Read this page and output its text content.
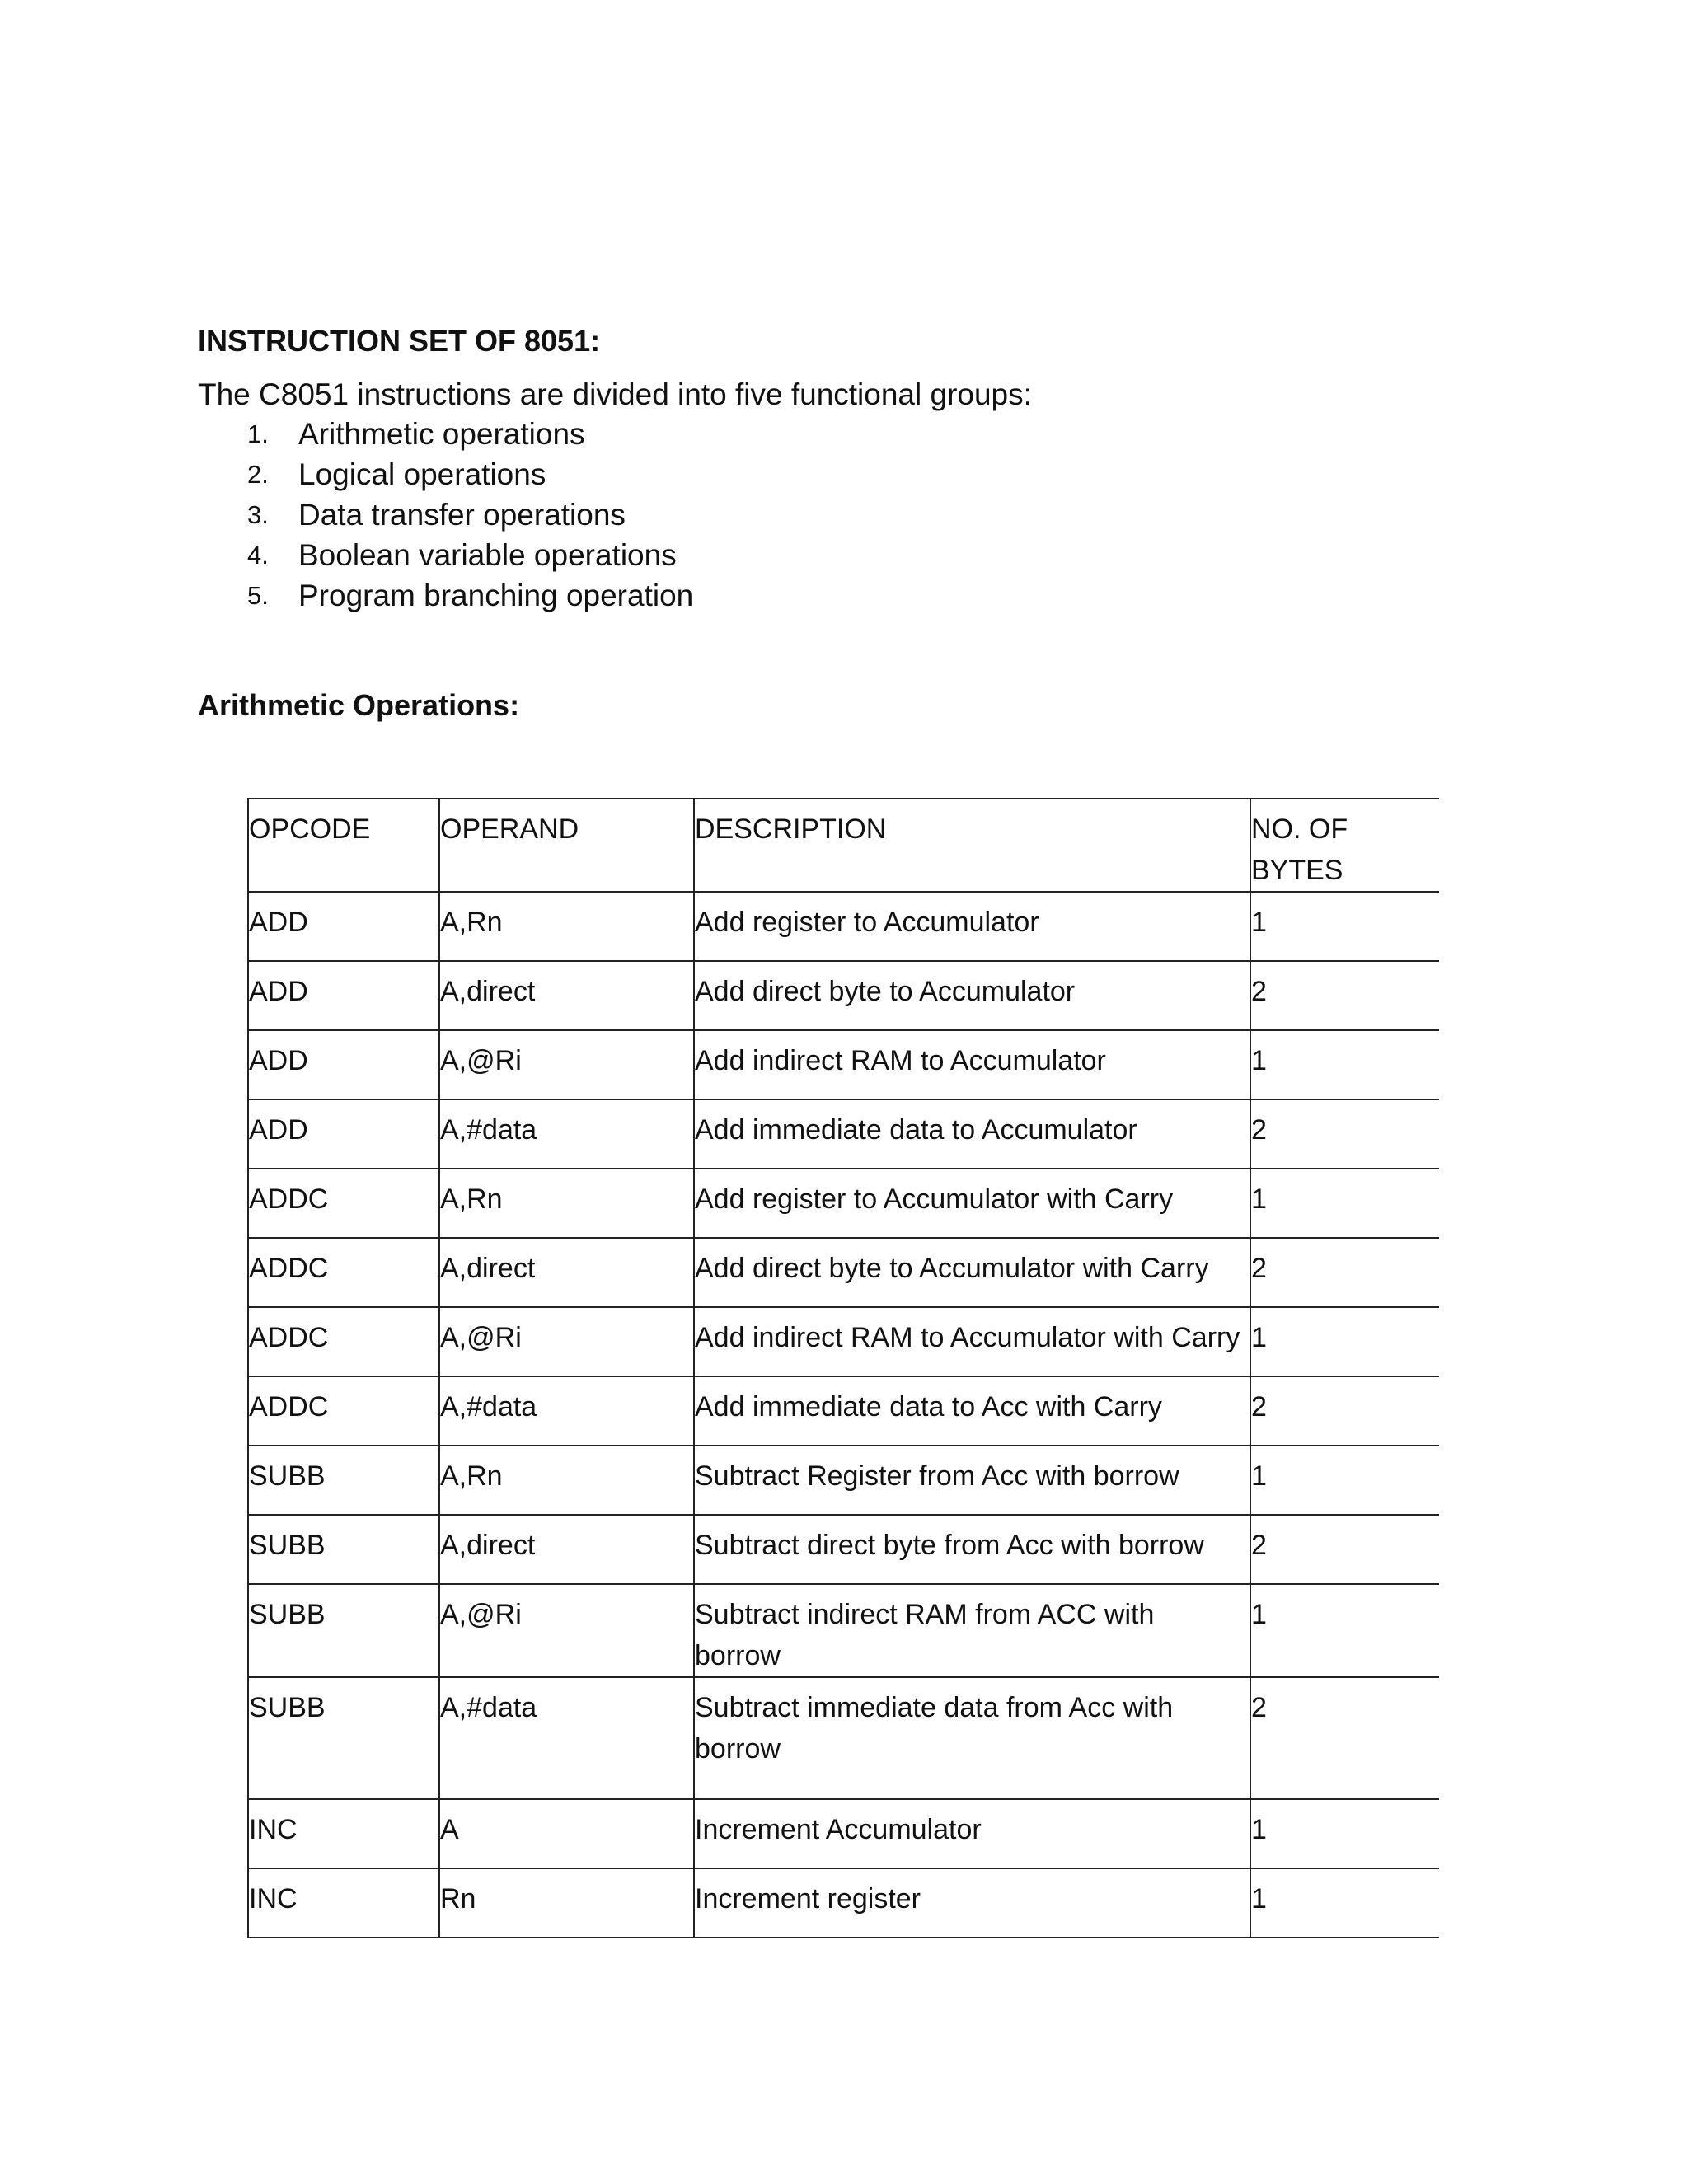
INSTRUCTION SET OF 8051:

The C8051 instructions are divided into five functional groups:

1. Arithmetic operations
2. Logical operations
3. Data transfer operations
4. Boolean variable operations
5. Program branching operation
Arithmetic Operations:
OPCODE	OPERAND	DESCRIPTION	NO. OF BYTES
ADD	A,Rn	Add register to Accumulator	1
ADD	A,direct	Add direct byte to Accumulator	2
ADD	A,@Ri	Add indirect RAM to Accumulator	1
ADD	A,#data	Add immediate data to Accumulator	2
ADDC	A,Rn	Add register to Accumulator with Carry	1
ADDC	A,direct	Add direct byte to Accumulator with Carry	2
ADDC	A,@Ri	Add indirect RAM to Accumulator with Carry	1
ADDC	A,#data	Add immediate data to Acc with Carry	2
SUBB	A,Rn	Subtract Register from Acc with borrow	1
SUBB	A,direct	Subtract direct byte from Acc with borrow	2
SUBB	A,@Ri	Subtract indirect RAM from ACC with borrow	1
SUBB	A,#data	Subtract immediate data from Acc with borrow	2
INC	A	Increment Accumulator	1
INC	Rn	Increment register	1
